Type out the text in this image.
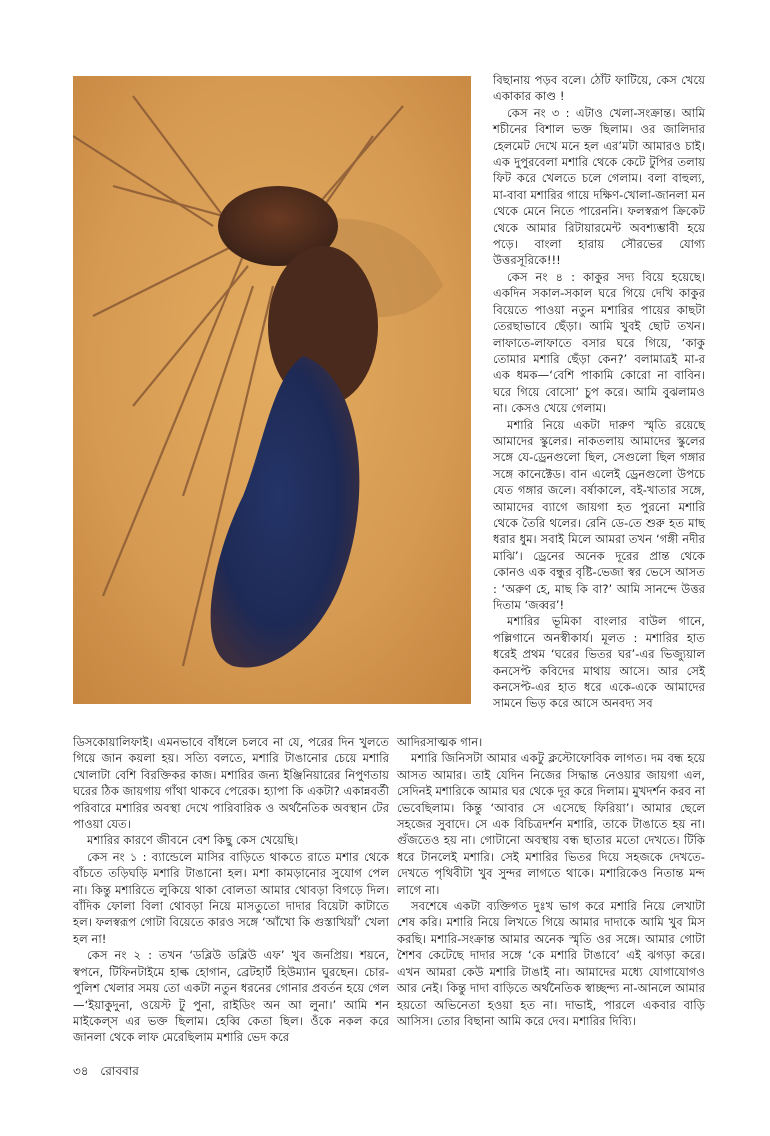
বিছানায় পড়ব বলে। ঠোঁট ফাটিয়ে, কেস খেয়ে একাকার কাণ্ড !

কেস নং ৩ : এটাও খেলা-সংক্রান্ত। আমি শচীনের বিশাল ভক্ত ছিলাম। ওর জালিদার হেলমেট দেখে মনে হল এর’মটা আমারও চাই। এক দুপুরবেলা মশারি থেকে কেটে টুপির তলায় ফিট করে খেলতে চলে গেলাম। বলা বাহুল্য, মা-বাবা মশারির গায়ে দক্ষিণ-খোলা-জানলা মন থেকে মেনে নিতে পারেননি। ফলস্বরূপ ক্রিকেট থেকে আমার রিটায়ারমেন্ট অবশ্যম্ভাবী হয়ে পড়ে। বাংলা হারায় সৌরভের যোগ্য উত্তরসূরিকে!!!

কেস নং ৪ : কাকুর সদ্য বিয়ে হয়েছে। একদিন সকাল-সকাল ঘরে গিয়ে দেখি কাকুর বিয়েতে পাওয়া নতুন মশারির পায়ের কাছটা তেরছাভাবে ছেঁড়া। আমি খুবই ছোট তখন। লাফাতে-লাফাতে বসার ঘরে গিয়ে, ‘কাকু তোমার মশারি ছেঁড়া কেন?’ বলামাত্রই মা-র এক ধমক—‘বেশি পাকামি কোরো না বাবিন। ঘরে গিয়ে বোসো’ চুপ করে। আমি বুঝলামও না। কেসও খেয়ে গেলাম।

মশারি নিয়ে একটা দারুণ স্মৃতি রয়েছে আমাদের স্কুলের। নাকতলায় আমাদের স্কুলের সঙ্গে যে-ড্রেনগুলো ছিল, সেগুলো ছিল গঙ্গার সঙ্গে কানেক্টেড। বান এলেই ড্রেনগুলো উপচে যেত গঙ্গার জলে। বর্ষাকালে, বই-খাতার সঙ্গে, আমাদের ব্যাগে জায়গা হত পুরনো মশারি থেকে তৈরি থলের। রেনি ডে-তে শুরু হত মাছ ধরার ধুম। সবাই মিলে আমরা তখন ‘গঙ্গী নদীর মাঝি’। ড্রেনের অনেক দূরের প্রান্ত থেকে কোনও এক বন্ধুর বৃষ্টি-ভেজা স্বর ভেসে আসত : ‘অরুণ হে, মাছ কি বা?’ আমি সানন্দে উত্তর দিতাম ‘জব্বর’!

মশারির ভূমিকা বাংলার বাউল গানে, পল্লিগানে অনস্বীকার্য। মূলত : মশারির হাত ধরেই প্রথম ‘ঘরের ভিতর ঘর’-এর ভিজ্যুয়াল কনসেপ্ট কবিদের মাথায় আসে। আর সেই কনসেপ্ট-এর হাত ধরে একে-একে আমাদের সামনে ভিড় করে আসে অনবদ্য সব

ডিসকোয়ালিফাই। এমনভাবে বাঁধলে চলবে না যে, পরের দিন খুলতে গিয়ে জান কয়লা হয়। সত্যি বলতে, মশারি টাঙানোর চেয়ে মশারি খোলাটা বেশি বিরক্তিকর কাজ। মশারির জন্য ইঞ্জিনিয়ারের নিপুণতায় ঘরের ঠিক জায়গায় গাঁথা থাকবে পেরেক। হ্যাপা কি একটা? একান্নবর্তী পরিবারে মশারির অবস্থা দেখে পারিবারিক ও অর্থনৈতিক অবস্থান টের পাওয়া যেত।

মশারির কারণে জীবনে বেশ কিছু কেস খেয়েছি।

কেস নং ১ : ব্যান্ডেলে মাসির বাড়িতে থাকতে রাতে মশার থেকে বাঁচতে তড়িঘড়ি মশারি টাঙানো হল। মশা কামড়ানোর সুযোগ পেল না। কিন্তু মশারিতে লুকিয়ে থাকা বোলতা আমার থোবড়া বিগড়ে দিল। বাঁদিক ফোলা বিলা থোবড়া নিয়ে মাসতুতো দাদার বিয়েটা কাটাতে হল। ফলস্বরূপ গোটা বিয়েতে কারও সঙ্গে ‘আঁখো কি গুস্তাখিয়াঁ’ খেলা হল না!

কেস নং ২ : তখন ‘ডব্লিউ ডব্লিউ এফ’ খুব জনপ্রিয়। শয়নে, স্বপনে, টিফিনটাইমে হাল্ক হোগান, ব্রেটহার্ট হিউম্যান ঘুরছেন। চোর-পুলিশ খেলার সময় তো একটা নতুন ধরনের গোনার প্রবর্তন হয়ে গেল—‘ইয়াকুদুনা, ওয়েস্ট টু পুনা, রাইডিং অন আ লুনা।’ আমি শন মাইকেল্‌স এর ভক্ত ছিলাম। হেব্বি কেতা ছিল। ওঁকে নকল করে জানলা থেকে লাফ মেরেছিলাম মশারি ভেদ করে

আদিরসাত্মক গান।

মশারি জিনিসটা আমার একটু ক্লস্টোফোবিক লাগত। দম বন্ধ হয়ে আসত আমার। তাই যেদিন নিজের সিদ্ধান্ত নেওয়ার জায়গা এল, সেদিনই মশারিকে আমার ঘর থেকে দূর করে দিলাম। মুখদর্শন করব না ভেবেছিলাম। কিন্তু ‘আবার সে এসেছে ফিরিয়া’। আমার ছেলে সহজের সুবাদে। সে এক বিচিত্রদর্শন মশারি, তাকে টাঙাতে হয় না। গুঁজতেও হয় না। গোটানো অবস্থায় বন্ধ ছাতার মতো দেখতে। টিকি ধরে টানলেই মশারি। সেই মশারির ভিতর দিয়ে সহজকে দেখতে-দেখতে পৃথিবীটা খুব সুন্দর লাগতে থাকে। মশারিকেও নিতান্ত মন্দ লাগে না।

সবশেষে একটা ব্যক্তিগত দুঃখ ভাগ করে মশারি নিয়ে লেখাটা শেষ করি। মশারি নিয়ে লিখতে গিয়ে আমার দাদাকে আমি খুব মিস করছি। মশারি-সংক্রান্ত আমার অনেক স্মৃতি ওর সঙ্গে। আমার গোটা শৈশব কেটেছে দাদার সঙ্গে ‘কে মশারি টাঙাবে’ এই ঝগড়া করে। এখন আমরা কেউ মশারি টাঙাই না। আমাদের মধ্যে যোগাযোগও আর নেই। কিন্তু দাদা বাড়িতে অর্থনৈতিক স্বাচ্ছন্দ্য না-আনলে আমার হয়তো অভিনেতা হওয়া হত না। দাভাই, পারলে একবার বাড়ি আসিস। তোর বিছানা আমি করে দেব। মশারির দিব্যি।

৩৪ রোববার
